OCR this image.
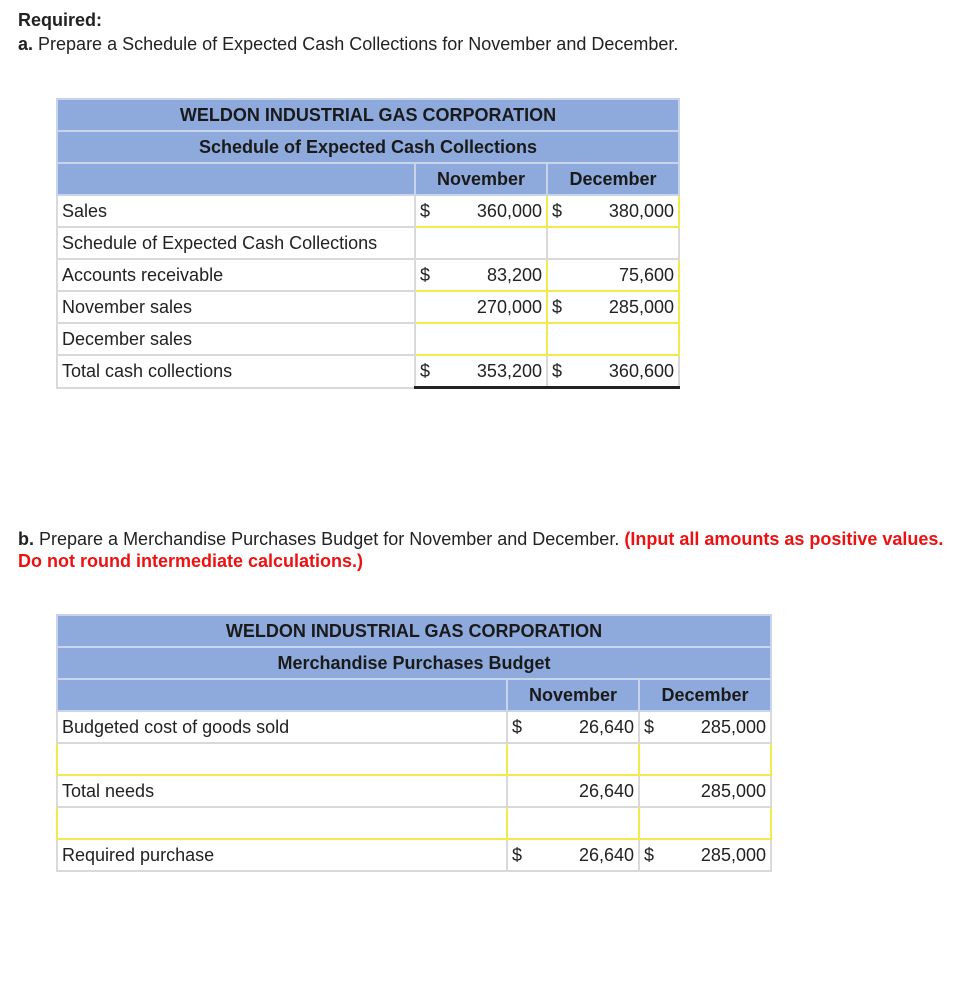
Required:
a. Prepare a Schedule of Expected Cash Collections for November and December.
WELDON INDUSTRIAL GAS CORPORATION		
Schedule of Expected Cash Collections		
	November	December
Sales	$ 360,000	$ 380,000

Schedule of Expected Cash Collections		
Accounts receivable	$ 83,200	75,600
November sales	270,000	$ 285,000

December sales		
Total cash collections	$ 353,200	$ 360,600
b. Prepare a Merchandise Purchases Budget for November and December. (Input all amounts as positive values. Do not round intermediate calculations.)
WELDON INDUSTRIAL GAS CORPORATION		
Merchandise Purchases Budget		
	November	December
Budgeted cost of goods sold	$ 26,640	$ 285,000

Total needs	26,640	285,000

Required purchase	$ 26,640	$ 285,000
